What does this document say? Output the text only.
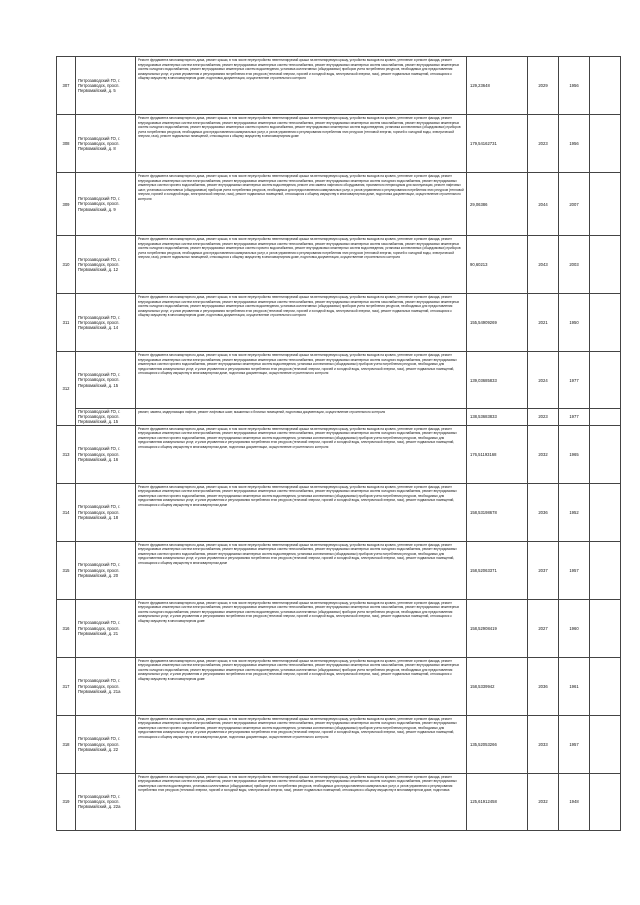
307	Петрозаводский ГО, г. Петрозаводск, просп. Первомайский, д. 5	Ремонт фундамента многоквартирного дома, ремонт крыши, в том числе переустройство невентилируемой крыши на вентилируемую крышу, устройство выходов на кровлю, утепление и ремонт фасада, ремонт внутридомовых инженерных систем электроснабжения, ремонт внутридомовых инженерных систем теплоснабжения, ремонт внутридомовых инженерных систем газоснабжения, ремонт внутридомовых инженерных систем холодного водоснабжения, ремонт внутридомовых инженерных систем водоотведения, установка коллективных (общедомовых) приборов учета потребления ресурсов, необходимых для предоставления коммунальных услуг, и узлов управления и регулирования потребления этих ресурсов (тепловой энергии, горячей и холодной воды, электрической энергии, газа), ремонт подвальных помещений, относящихся к общему имуществу в многоквартирном доме, подготовка документации, осуществление строительного контроля	129,23648	2029	1956	
308	Петрозаводский ГО, г. Петрозаводск, просп. Первомайский, д. 8	Ремонт фундамента многоквартирного дома, ремонт крыши, в том числе переустройство невентилируемой крыши на вентилируемую крышу, устройство выходов на кровлю, утепление и ремонт фасада, ремонт внутридомовых инженерных систем электроснабжения, ремонт внутридомовых инженерных систем теплоснабжения, ремонт внутридомовых инженерных систем газоснабжения, ремонт внутридомовых инженерных систем холодного водоснабжения, ремонт внутридомовых инженерных систем горячего водоснабжения, ремонт внутридомовых инженерных систем водоотведения, установка коллективных (общедомовых) приборов учета потребления ресурсов, необходимых для предоставления коммунальных услуг, и узлов управления и регулирования потребления этих ресурсов (тепловой энергии, горячей и холодной воды, электрической энергии, газа), ремонт подвальных помещений, относящихся к общему имуществу в многоквартирном доме	179,54162731	2023	1956	
309	Петрозаводский ГО, г. Петрозаводск, просп. Первомайский, д. 9	Ремонт фундамента многоквартирного дома, ремонт крыши, в том числе переустройство невентилируемой крыши на вентилируемую крышу, устройство выходов на кровлю, утепление и ремонт фасада, ремонт внутридомовых инженерных систем электроснабжения, ремонт внутридомовых инженерных систем теплоснабжения, ремонт внутридомовых инженерных систем холодного водоснабжения, ремонт внутридомовых инженерных систем горячего водоснабжения, ремонт внутридомовых инженерных систем водоотведения, ремонт или замена лифтового оборудования, признанного непригодным для эксплуатации, ремонт лифтовых шахт, установка коллективных (общедомовых) приборов учета потребления ресурсов, необходимых для предоставления коммунальных услуг, и узлов управления и регулирования потребления этих ресурсов (тепловой энергии, горячей и холодной воды, электрической энергии, газа), ремонт подвальных помещений, относящихся к общему имуществу в многоквартирном доме, подготовка документации, осуществление строительного контроля	29,06386	2044	2007	
310	Петрозаводский ГО, г. Петрозаводск, просп. Первомайский, д. 12	Ремонт фундамента многоквартирного дома, ремонт крыши, в том числе переустройство невентилируемой крыши на вентилируемую крышу, устройство выходов на кровлю, утепление и ремонт фасада, ремонт внутридомовых инженерных систем электроснабжения, ремонт внутридомовых инженерных систем теплоснабжения, ремонт внутридомовых инженерных систем газоснабжения, ремонт внутридомовых инженерных систем холодного водоснабжения, ремонт внутридомовых инженерных систем горячего водоснабжения, ремонт внутридомовых инженерных систем водоотведения, установка коллективных (общедомовых) приборов учета потребления ресурсов, необходимых для предоставления коммунальных услуг, и узлов управления и регулирования потребления этих ресурсов (тепловой энергии, горячей и холодной воды, электрической энергии, газа), ремонт подвальных помещений, относящихся к общему имуществу в многоквартирном доме, подготовка документации, осуществление строительного контроля	90,60213	2043	2003	
311	Петрозаводский ГО, г. Петрозаводск, просп. Первомайский, д. 14	Ремонт фундамента многоквартирного дома, ремонт крыши, в том числе переустройство невентилируемой крыши на вентилируемую крышу, устройство выходов на кровлю, утепление и ремонт фасада, ремонт внутридомовых инженерных систем электроснабжения, ремонт внутридомовых инженерных систем теплоснабжения, ремонт внутридомовых инженерных систем газоснабжения, ремонт внутридомовых инженерных систем холодного водоснабжения, ремонт внутридомовых инженерных систем водоотведения, установка коллективных (общедомовых) приборов учета потребления ресурсов, необходимых для предоставления коммунальных услуг, и узлов управления и регулирования потребления этих ресурсов (тепловой энергии, горячей и холодной воды, электрической энергии, газа), ремонт подвальных помещений, относящихся к общему имуществу в многоквартирном доме, подготовка документации, осуществление строительного контроля	155,54909269	2021	1950	
312	Петрозаводский ГО, г. Петрозаводск, просп. Первомайский, д. 15	Ремонт фундамента многоквартирного дома, ремонт крыши, в том числе переустройство невентилируемой крыши на вентилируемую крышу, устройство выходов на кровлю, утепление и ремонт фасада, ремонт внутридомовых инженерных систем электроснабжения, ремонт внутридомовых инженерных систем теплоснабжения, ремонт внутридомовых инженерных систем холодного водоснабжения, ремонт внутридомовых инженерных систем горячего водоснабжения, ремонт внутридомовых инженерных систем водоотведения, установка коллективных (общедомовых) приборов учета потребления ресурсов, необходимых для предоставления коммунальных услуг, и узлов управления и регулирования потребления этих ресурсов (тепловой энергии, горячей и холодной воды, электрической энергии, газа), ремонт подвальных помещений, относящихся к общему имуществу в многоквартирном доме, подготовка документации, осуществление строительного контроля	139,03685833	2024	1977	
	Петрозаводский ГО, г. Петрозаводск, просп. Первомайский, д. 15	ремонт, замена, модернизация лифтов, ремонт лифтовых шахт, машинных и блочных помещений, подготовка документации, осуществление строительного контроля	138,53683833	2023	1977	
313	Петрозаводский ГО, г. Петрозаводск, просп. Первомайский, д. 16	Ремонт фундамента многоквартирного дома, ремонт крыши, в том числе переустройство невентилируемой крыши на вентилируемую крышу, устройство выходов на кровлю, утепление и ремонт фасада, ремонт внутридомовых инженерных систем электроснабжения, ремонт внутридомовых инженерных систем теплоснабжения, ремонт внутридомовых инженерных систем холодного водоснабжения, ремонт внутридомовых инженерных систем горячего водоснабжения, ремонт внутридомовых инженерных систем водоотведения, установка коллективных (общедомовых) приборов учета потребления ресурсов, необходимых для предоставления коммунальных услуг, и узлов управления и регулирования потребления этих ресурсов (тепловой энергии, горячей и холодной воды, электрической энергии, газа), ремонт подвальных помещений, относящихся к общему имуществу в многоквартирном доме, подготовка документации, осуществление строительного контроля	176,51193168	2032	1965	
314	Петрозаводский ГО, г. Петрозаводск, просп. Первомайский, д. 18	Ремонт фундамента многоквартирного дома, ремонт крыши, в том числе переустройство невентилируемой крыши на вентилируемую крышу, устройство выходов на кровлю, утепление и ремонт фасада, ремонт внутридомовых инженерных систем электроснабжения, ремонт внутридомовых инженерных систем теплоснабжения, ремонт внутридомовых инженерных систем холодного водоснабжения, ремонт внутридомовых инженерных систем горячего водоснабжения, ремонт внутридомовых инженерных систем водоотведения, установка коллективных (общедомовых) приборов учета потребления ресурсов, необходимых для предоставления коммунальных услуг, и узлов управления и регулирования потребления этих ресурсов (тепловой энергии, горячей и холодной воды, электрической энергии, газа), ремонт подвальных помещений, относящихся к общему имуществу в многоквартирном доме	158,53198678	2036	1952	
315	Петрозаводский ГО, г. Петрозаводск, просп. Первомайский, д. 20	Ремонт фундамента многоквартирного дома, ремонт крыши, в том числе переустройство невентилируемой крыши на вентилируемую крышу, устройство выходов на кровлю, утепление и ремонт фасада, ремонт внутридомовых инженерных систем электроснабжения, ремонт внутридомовых инженерных систем теплоснабжения, ремонт внутридомовых инженерных систем холодного водоснабжения, ремонт внутридомовых инженерных систем горячего водоснабжения, ремонт внутридомовых инженерных систем водоотведения, установка коллективных (общедомовых) приборов учета потребления ресурсов, необходимых для предоставления коммунальных услуг, и узлов управления и регулирования потребления этих ресурсов (тепловой энергии, горячей и холодной воды, электрической энергии, газа), ремонт подвальных помещений, относящихся к общему имуществу в многоквартирном доме	158,52063371	2037	1957	
316	Петрозаводский ГО, г. Петрозаводск, просп. Первомайский, д. 21	Ремонт фундамента многоквартирного дома, ремонт крыши, в том числе переустройство невентилируемой крыши на вентилируемую крышу, устройство выходов на кровлю, утепление и ремонт фасада, ремонт внутридомовых инженерных систем электроснабжения, ремонт внутридомовых инженерных систем теплоснабжения, ремонт внутридомовых инженерных систем газоснабжения, ремонт внутридомовых инженерных систем холодного водоснабжения, ремонт внутридомовых инженерных систем водоотведения, установка коллективных (общедомовых) приборов учета потребления ресурсов, необходимых для предоставления коммунальных услуг, и узлов управления и регулирования потребления этих ресурсов (тепловой энергии, горячей и холодной воды, электрической энергии, газа), ремонт подвальных помещений, относящихся к общему имуществу в многоквартирном доме	158,52908419	2027	1960	
317	Петрозаводский ГО, г. Петрозаводск, просп. Первомайский, д. 21а	Ремонт фундамента многоквартирного дома, ремонт крыши, в том числе переустройство невентилируемой крыши на вентилируемую крышу, устройство выходов на кровлю, утепление и ремонт фасада, ремонт внутридомовых инженерных систем электроснабжения, ремонт внутридомовых инженерных систем теплоснабжения, ремонт внутридомовых инженерных систем газоснабжения, ремонт внутридомовых инженерных систем холодного водоснабжения, ремонт внутридомовых инженерных систем водоотведения, установка коллективных (общедомовых) приборов учета потребления ресурсов, необходимых для предоставления коммунальных услуг, и узлов управления и регулирования потребления этих ресурсов (тепловой энергии, горячей и холодной воды, электрической энергии, газа), ремонт подвальных помещений, относящихся к общему имуществу в многоквартирном доме	158,5339942	2036	1961	
318	Петрозаводский ГО, г. Петрозаводск, просп. Первомайский, д. 22	Ремонт фундамента многоквартирного дома, ремонт крыши, в том числе переустройство невентилируемой крыши на вентилируемую крышу, устройство выходов на кровлю, утепление и ремонт фасада, ремонт внутридомовых инженерных систем электроснабжения, ремонт внутридомовых инженерных систем теплоснабжения, ремонт внутридомовых инженерных систем холодного водоснабжения, ремонт внутридомовых инженерных систем горячего водоснабжения, ремонт внутридомовых инженерных систем водоотведения, установка коллективных (общедомовых) приборов учета потребления ресурсов, необходимых для предоставления коммунальных услуг, и узлов управления и регулирования потребления этих ресурсов (тепловой энергии, горячей и холодной воды, электрической энергии, газа), ремонт подвальных помещений, относящихся к общему имуществу в многоквартирном доме, подготовка документации, осуществление строительного контроля	135,52053266	2033	1957	
319	Петрозаводский ГО, г. Петрозаводск, просп. Первомайский, д. 22а	Ремонт фундамента многоквартирного дома, ремонт крыши, в том числе переустройство невентилируемой крыши на вентилируемую крышу, устройство выходов на кровлю, утепление и ремонт фасада, ремонт внутридомовых инженерных систем электроснабжения, ремонт внутридомовых инженерных систем теплоснабжения, ремонт внутридомовых инженерных систем холодного водоснабжения, ремонт внутридомовых инженерных систем водоотведения, установка коллективных (общедомовых) приборов учета потребления ресурсов, необходимых для предоставления коммунальных услуг, и узлов управления и регулирования потребления этих ресурсов (тепловой энергии, горячей и холодной воды, электрической энергии, газа), ремонт подвальных помещений, относящихся к общему имуществу в многоквартирном доме, подготовка	125,61912458	2032	1948	
